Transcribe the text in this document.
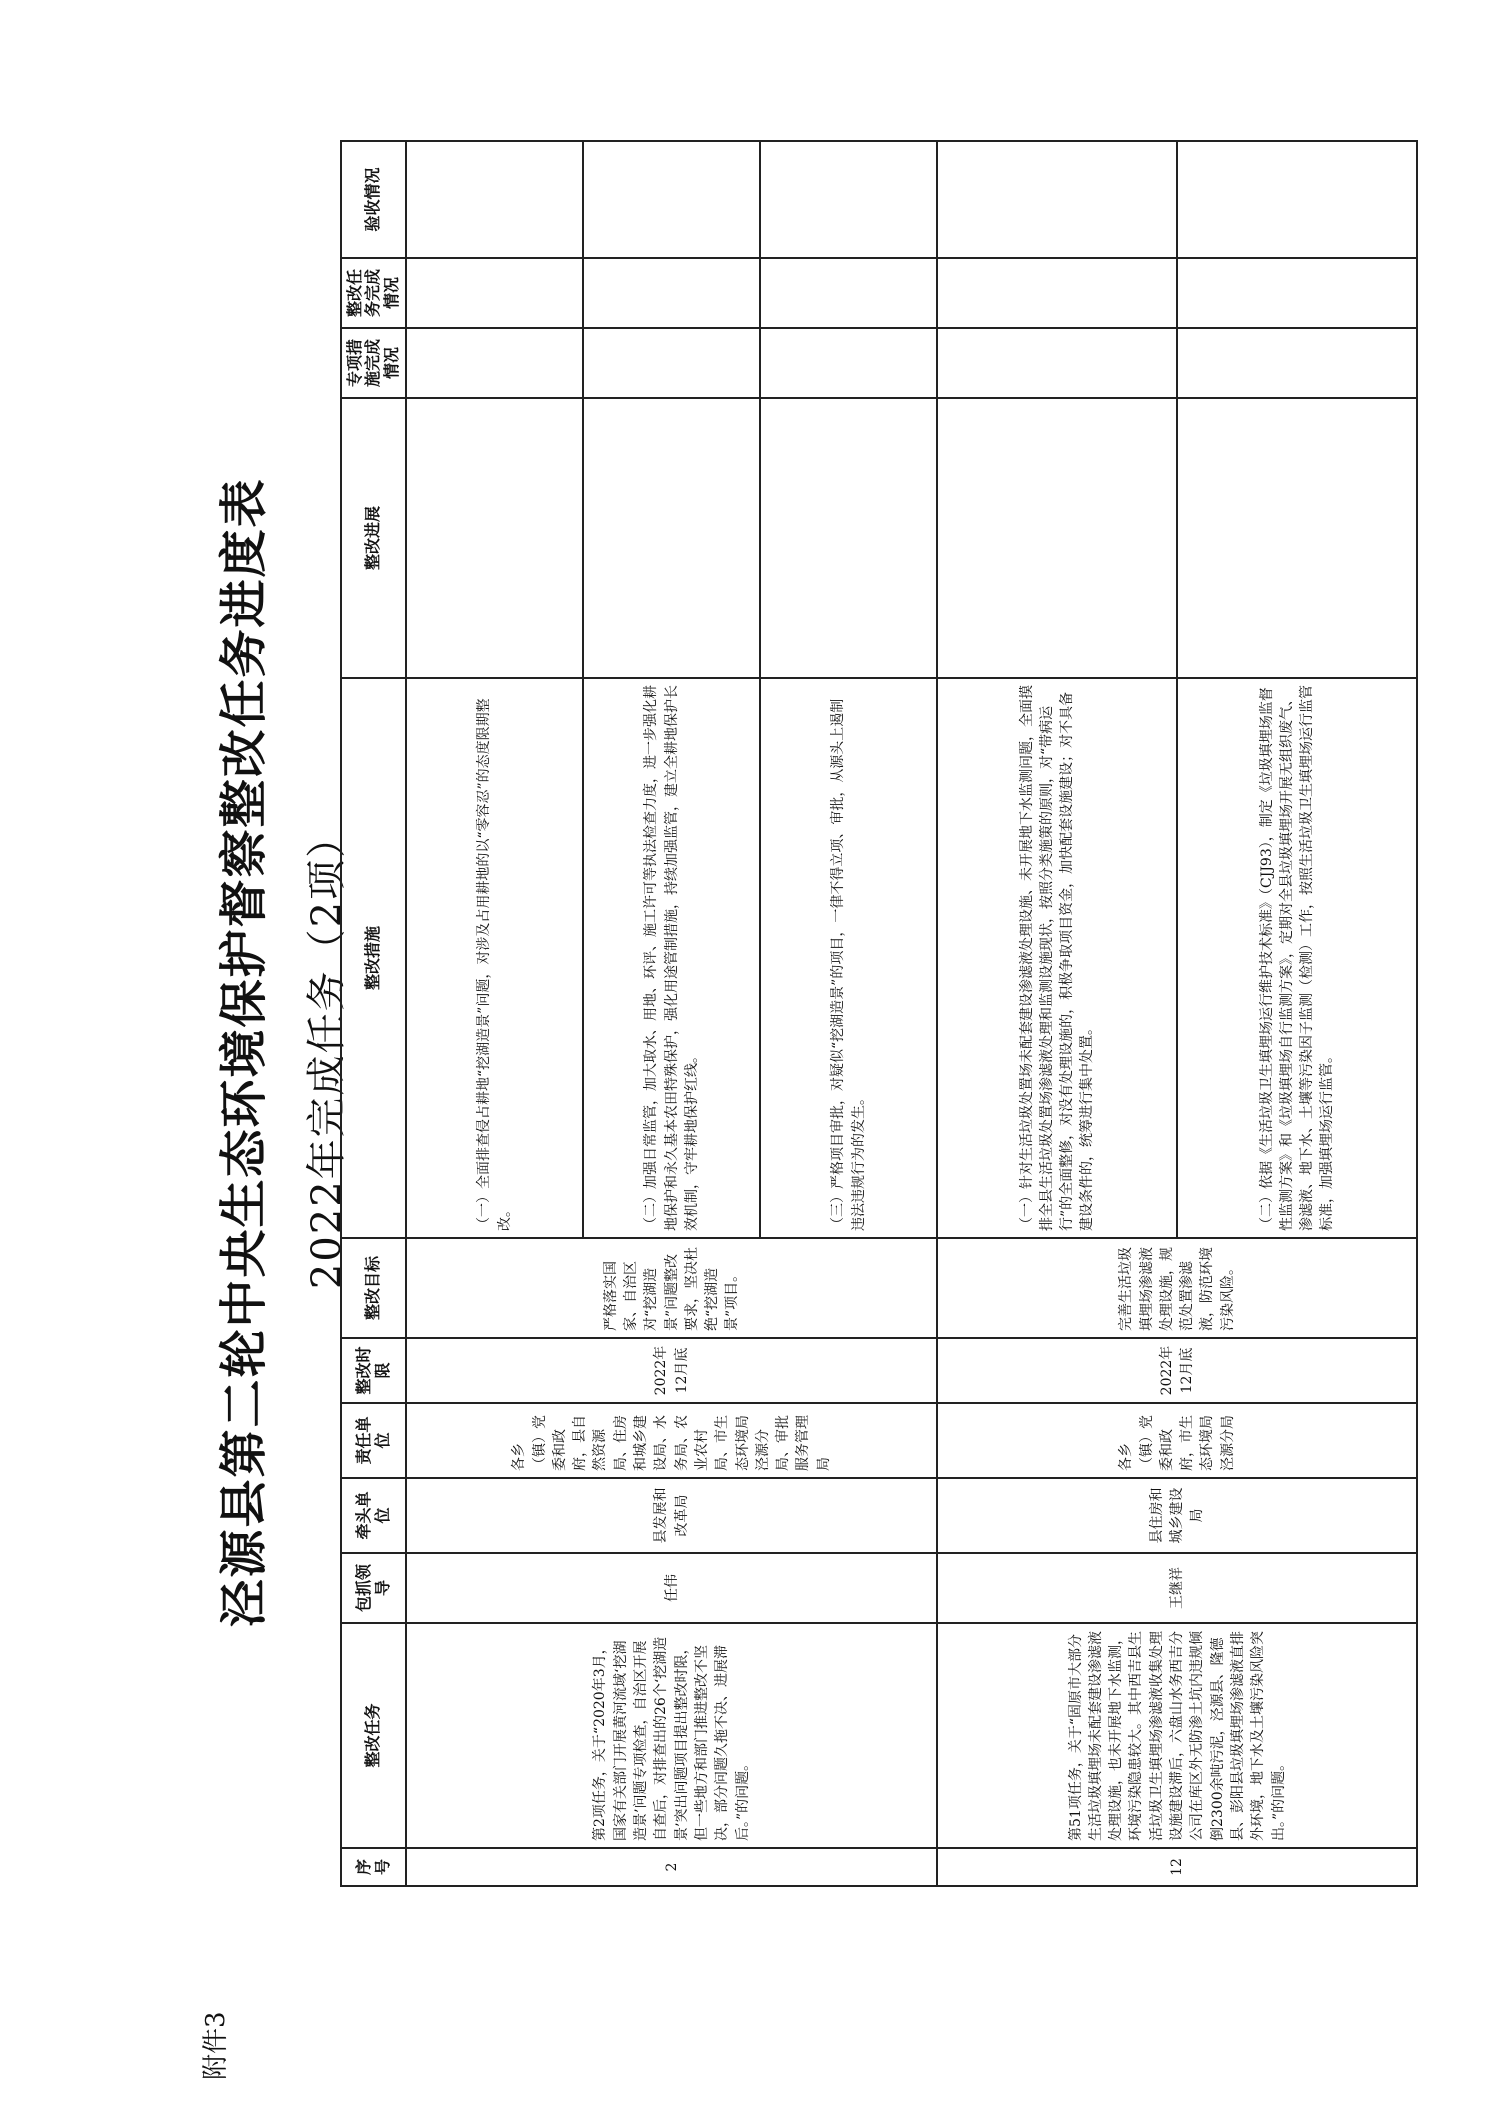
附件3
泾源县第二轮中央生态环境保护督察整改任务进度表 2022年完成任务（2项）
序号	整改任务	包抓领导	牵头单位	责任单位	整改时限	整改目标	整改措施	整改进展	专项措施完成情况	整改任务完成情况	验收情况
2	第2项任务，关于“2020年3月，国家有关部门开展黄河流域‘挖湖造景’问题专项检查，自治区开展自查后，对排查出的26个‘挖湖造景’突出问题项目提出整改时限，但一些地方和部门推进整改不坚决，部分问题久拖不决、进展滞后。”的问题。	任伟	县发展和改革局	各乡（镇）党委和政府，县自然资源局、住房和城乡建设局、水务局、农业农村局、市生态环境局泾源分局、审批服务管理局	2022年12月底	严格落实国家、自治区对“挖湖造景”问题整改要求，坚决杜绝“挖湖造景”项目。	（一）全面排查侵占耕地“挖湖造景”问题，对涉及占用耕地的以“零容忍”的态度限期整改。				
							（二）加强日常监管，加大取水、用地、环评、施工许可等执法检查力度，进一步强化耕地保护和永久基本农田特殊保护，强化用途管制措施，持续加强监管，建立全耕地保护长效机制，守牢耕地保护红线。				
							（三）严格项目审批，对疑似“挖湖造景”的项目，一律不得立项、审批，从源头上遏制违法违规行为的发生。				
12	第51项任务，关于“固原市大部分生活垃圾填埋场未配套建设渗滤液处理设施，也未开展地下水监测，环境污染隐患较大。其中西吉县生活垃圾卫生填埋场渗滤液收集处理设施建设滞后，六盘山水务西吉分公司在库区外无防渗土坑内违规倾倒2300余吨污泥，泾源县、隆德县、彭阳县垃圾填埋场渗滤液直排外环境，地下水及土壤污染风险突出。”的问题。	王继祥	县住房和城乡建设局	各乡（镇）党委和政府，市生态环境局泾源分局	2022年12月底	完善生活垃圾填埋场渗滤液处理设施，规范处置渗滤液，防范环境污染风险。	（一）针对生活垃圾处置场未配套建设渗滤液处理设施、未开展地下水监测问题，全面摸排全县生活垃圾处置场渗滤液处理和监测设施现状，按照分类施策的原则，对“带病运行”的全面整修，对没有处理设施的，积极争取项目资金，加快配套设施建设；对不具备建设条件的，统筹进行集中处置。				
							（二）依据《生活垃圾卫生填埋场运行维护技术标准》（CJJ93），制定《垃圾填埋场监督性监测方案》和《垃圾填埋场自行监测方案》，定期对全县垃圾填埋场开展无组织废气、渗滤液、地下水、土壤等污染因子监测（检测）工作，按照生活垃圾卫生填埋场运行监管标准，加强填埋场运行监管。				
